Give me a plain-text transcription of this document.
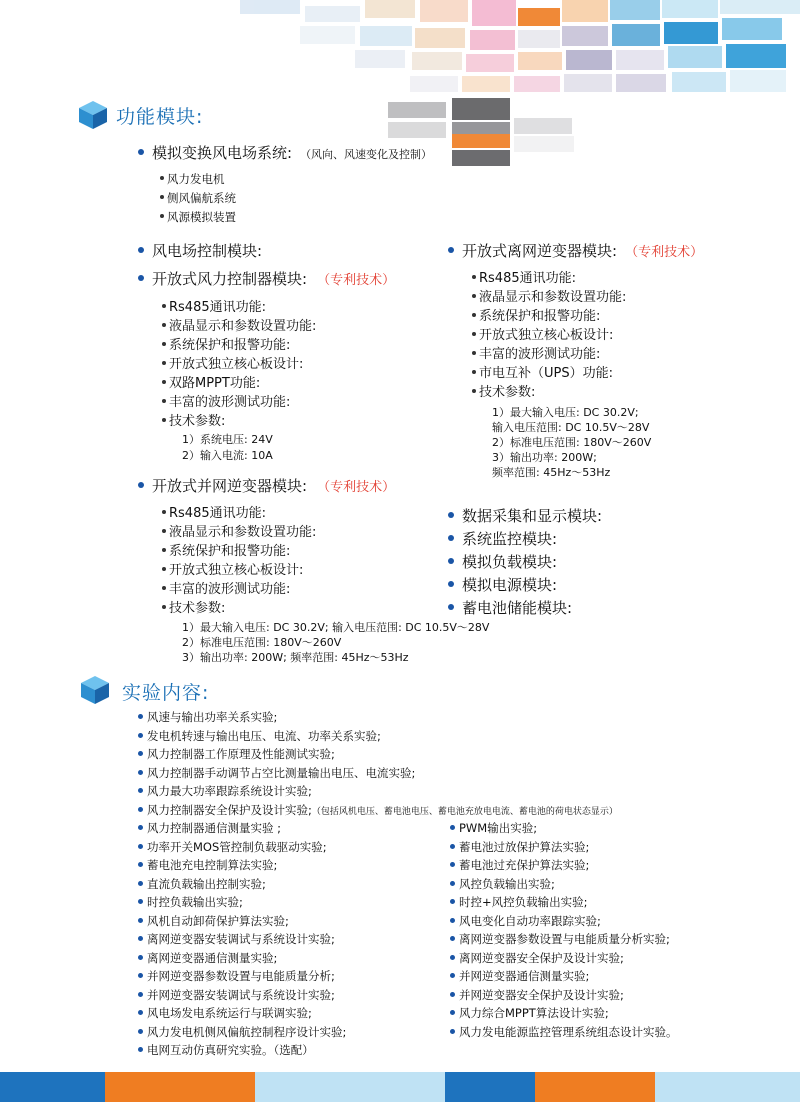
功能模块:
模拟变换风电场系统: （风向、风速变化及控制）
风力发电机
侧风偏航系统
风源模拟装置
风电场控制模块:
开放式风力控制器模块: （专利技术）
Rs485通讯功能:
液晶显示和参数设置功能:
系统保护和报警功能:
开放式独立核心板设计:
双路MPPT功能:
丰富的波形测试功能:
技术参数:
1）系统电压: 24V
2）输入电流: 10A
开放式并网逆变器模块: （专利技术）
Rs485通讯功能:
液晶显示和参数设置功能:
系统保护和报警功能:
开放式独立核心板设计:
丰富的波形测试功能:
技术参数:
1）最大输入电压: DC 30.2V; 输入电压范围: DC 10.5V～28V
2）标准电压范围: 180V～260V
3）输出功率: 200W; 频率范围: 45Hz～53Hz
开放式离网逆变器模块: （专利技术）
Rs485通讯功能:
液晶显示和参数设置功能:
系统保护和报警功能:
开放式独立核心板设计:
丰富的波形测试功能:
市电互补（UPS）功能:
技术参数:
1）最大输入电压: DC 30.2V;
输入电压范围: DC 10.5V～28V
2）标准电压范围: 180V～260V
3）输出功率: 200W;
频率范围: 45Hz～53Hz
数据采集和显示模块:
系统监控模块:
模拟负载模块:
模拟电源模块:
蓄电池储能模块:
实验内容:
风速与输出功率关系实验;
发电机转速与输出电压、电流、功率关系实验;
风力控制器工作原理及性能测试实验;
风力控制器手动调节占空比测量输出电压、电流实验;
风力最大功率跟踪系统设计实验;
风力控制器安全保护及设计实验;（包括风机电压、蓄电池电压、蓄电池充放电电流、蓄电池的荷电状态显示）
风力控制器通信测量实验 ;
功率开关MOS管控制负载驱动实验;
蓄电池充电控制算法实验;
直流负载输出控制实验;
时控负载输出实验;
风机自动卸荷保护算法实验;
离网逆变器安装调试与系统设计实验;
离网逆变器通信测量实验;
并网逆变器参数设置与电能质量分析;
并网逆变器安装调试与系统设计实验;
风电场发电系统运行与联调实验;
风力发电机侧风偏航控制程序设计实验;
电网互动仿真研究实验。（选配）
PWM输出实验;
蓄电池过放保护算法实验;
蓄电池过充保护算法实验;
风控负载输出实验;
时控+风控负载输出实验;
风电变化自动功率跟踪实验;
离网逆变器参数设置与电能质量分析实验;
离网逆变器安全保护及设计实验;
并网逆变器通信测量实验;
并网逆变器安全保护及设计实验;
风力综合MPPT算法设计实验;
风力发电能源监控管理系统组态设计实验。
